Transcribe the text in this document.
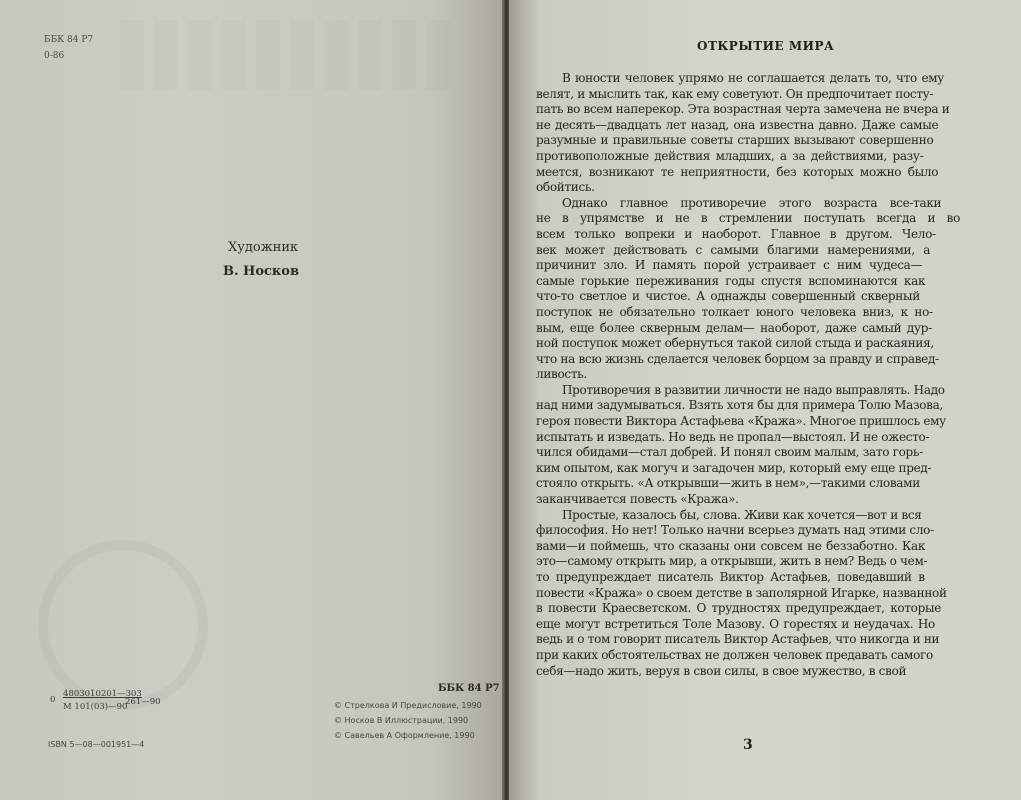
ББК 84 Р7
0-86
Художник
В. Носков
0
4803010201—303
261—90
М 101(03)—90
ББК 84 Р7
© Стрелкова И Предисловие, 1990
© Носков В Иллюстрации, 1990
© Савельев А Оформление, 1990
ISBN 5—08—001951—4
ОТКРЫТИЕ МИРА
В юности человек упрямо не соглашается делать то, что ему
велят, и мыслить так, как ему советуют. Он предпочитает посту-
пать во всем наперекор. Эта возрастная черта замечена не вчера и
не десять—двадцать лет назад, она известна давно. Даже самые
разумные и правильные советы старших вызывают совершенно
противоположные действия младших, а за действиями, разу-
меется, возникают те неприятности, без которых можно было
обойтись.
Однако главное противоречие этого возраста все-таки
не в упрямстве и не в стремлении поступать всегда и во
всем только вопреки и наоборот. Главное в другом. Чело-
век может действовать с самыми благими намерениями, а
причинит зло. И память порой устраивает с ним чудеса—
самые горькие переживания годы спустя вспоминаются как
что-то светлое и чистое. А однажды совершенный скверный
поступок не обязательно толкает юного человека вниз, к но-
вым, еще более скверным делам— наоборот, даже самый дур-
ной поступок может обернуться такой силой стыда и раскаяния,
что на всю жизнь сделается человек борцом за правду и справед-
ливость.
Противоречия в развитии личности не надо выправлять. Надо
над ними задумываться. Взять хотя бы для примера Толю Мазова,
героя повести Виктора Астафьева «Кража». Многое пришлось ему
испытать и изведать. Но ведь не пропал—выстоял. И не ожесто-
чился обидами—стал добрей. И понял своим малым, зато горь-
ким опытом, как могуч и загадочен мир, который ему еще пред-
стояло открыть. «А открывши—жить в нем»,—такими словами
заканчивается повесть «Кража».
Простые, казалось бы, слова. Живи как хочется—вот и вся
философия. Но нет! Только начни всерьез думать над этими сло-
вами—и поймешь, что сказаны они совсем не беззаботно. Как
это—самому открыть мир, а открывши, жить в нем? Ведь о чем-
то предупреждает писатель Виктор Астафьев, поведавший в
повести «Кража» о своем детстве в заполярной Игарке, названной
в повести Краесветском. О трудностях предупреждает, которые
еще могут встретиться Толе Мазову. О горестях и неудачах. Но
ведь и о том говорит писатель Виктор Астафьев, что никогда и ни
при каких обстоятельствах не должен человек предавать самого
себя—надо жить, веруя в свои силы, в свое мужество, в свой
3
